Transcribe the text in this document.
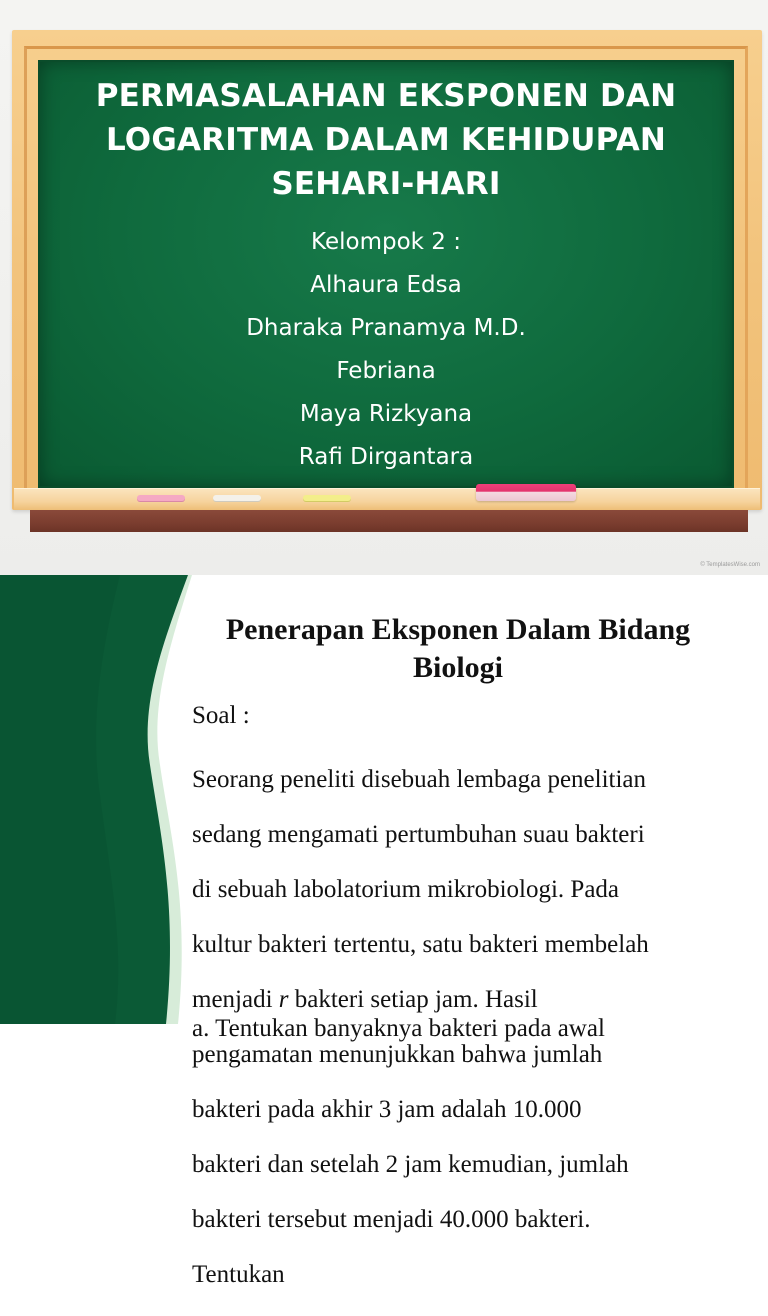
PERMASALAHAN EKSPONEN DAN LOGARITMA DALAM KEHIDUPAN SEHARI-HARI
Kelompok 2 :
Alhaura Edsa
Dharaka Pranamya M.D.
Febriana
Maya Rizkyana
Rafi Dirgantara
© TemplatesWise.com
Penerapan Eksponen Dalam Bidang Biologi
Soal :

Seorang peneliti disebuah lembaga penelitian

sedang mengamati pertumbuhan suau bakteri

di sebuah labolatorium mikrobiologi. Pada

kultur bakteri tertentu, satu bakteri membelah

menjadi r bakteri setiap jam. Hasil

pengamatan menunjukkan bahwa jumlah

bakteri pada akhir 3 jam adalah 10.000

bakteri dan setelah 2 jam kemudian, jumlah

bakteri tersebut menjadi 40.000 bakteri.

Tentukan

a. Tentukan banyaknya bakteri pada awal
